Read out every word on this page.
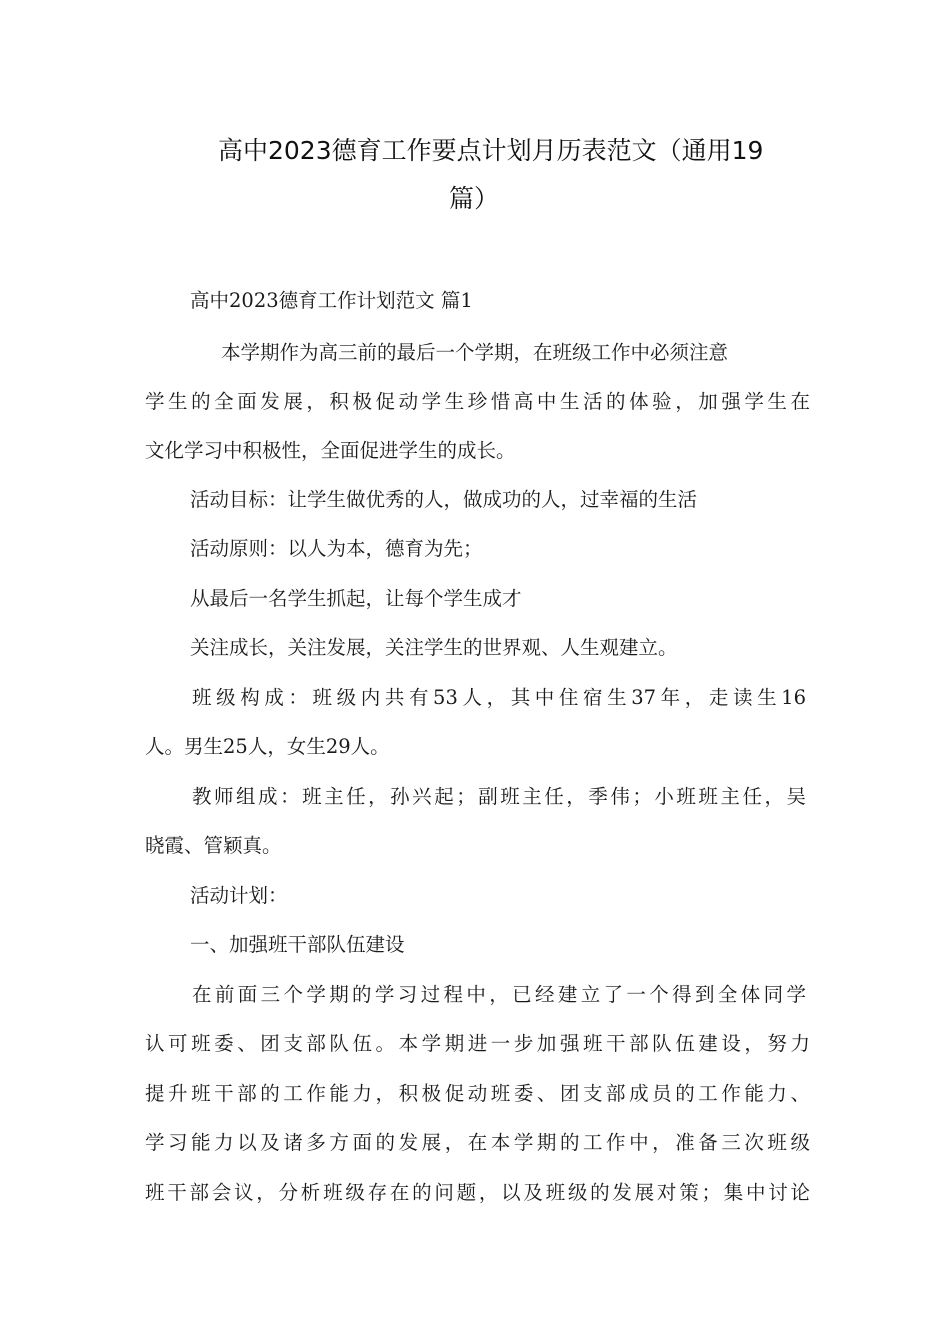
高中2023德育工作要点计划月历表范文（通用19
篇）
高中2023德育工作计划范文 篇1
本学期作为高三前的最后一个学期，在班级工作中必须注意
学生的全面发展，积极促动学生珍惜高中生活的体验，加强学生在
文化学习中积极性，全面促进学生的成长。
活动目标：让学生做优秀的人，做成功的人，过幸福的生活
活动原则：以人为本，德育为先；
从最后一名学生抓起，让每个学生成才
关注成长，关注发展，关注学生的世界观、人生观建立。
班级构成：班级内共有53人，其中住宿生37年，走读生16
人。男生25人，女生29人。
教师组成：班主任，孙兴起；副班主任，季伟；小班班主任，吴
晓霞、管颖真。
活动计划：
一、加强班干部队伍建设
在前面三个学期的学习过程中，已经建立了一个得到全体同学
认可班委、团支部队伍。本学期进一步加强班干部队伍建设，努力
提升班干部的工作能力，积极促动班委、团支部成员的工作能力、
学习能力以及诸多方面的发展，在本学期的工作中，准备三次班级
班干部会议，分析班级存在的问题，以及班级的发展对策；集中讨论
